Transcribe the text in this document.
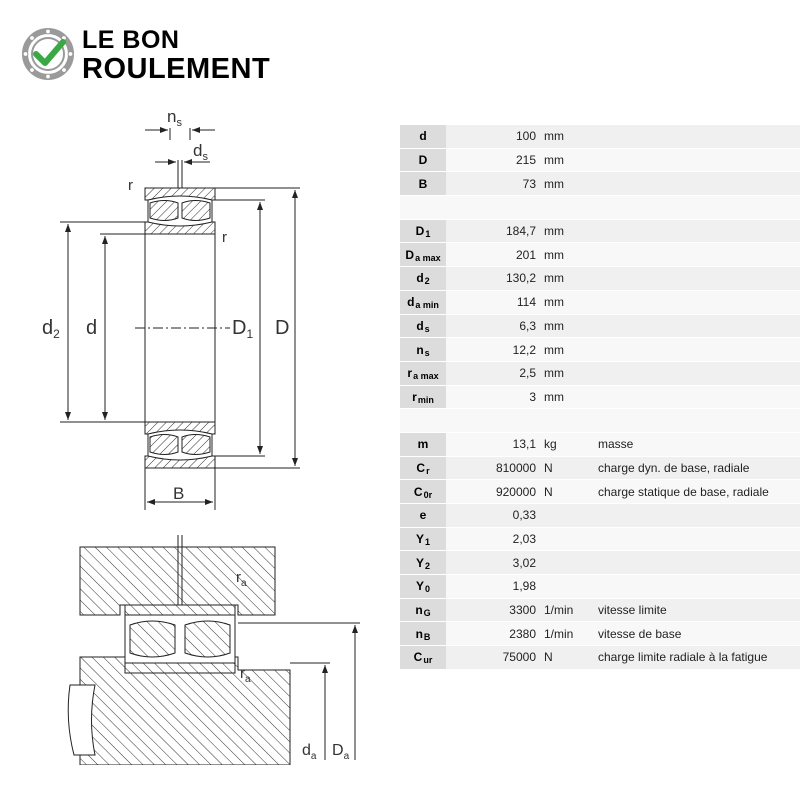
LE BON
ROULEMENT
$n_s$
$d_s$
r
r
$d_2$ d	$D_1$ D
B
$r_a$
$r_a$
$d_a$ $D_a$
d	100 mm
D	215 mm
B	73 mm
$D_1$	184,7 mm
$D_{a max}$	201 mm
$d_2$	130,2 mm
$d_{a min}$	114 mm
$d_s$	6,3 mm
$n_s$	12,2 mm
$r_{a max}$	2,5 mm
$r_{min}$	3 mm
m	13,1 kg	masse
$C_r$	810000 N	charge dyn. de base, radiale
$C_{0r}$	920000 N	charge statique de base, radiale
e	0,33
$Y_1$	2,03
$Y_2$	3,02
$Y_0$	1,98
$n_G$	3300 1/min	vitesse limite
$n_B$	2380 1/min	vitesse de base
$C_{ur}$	75000 N	charge limite radiale à la fatigue
